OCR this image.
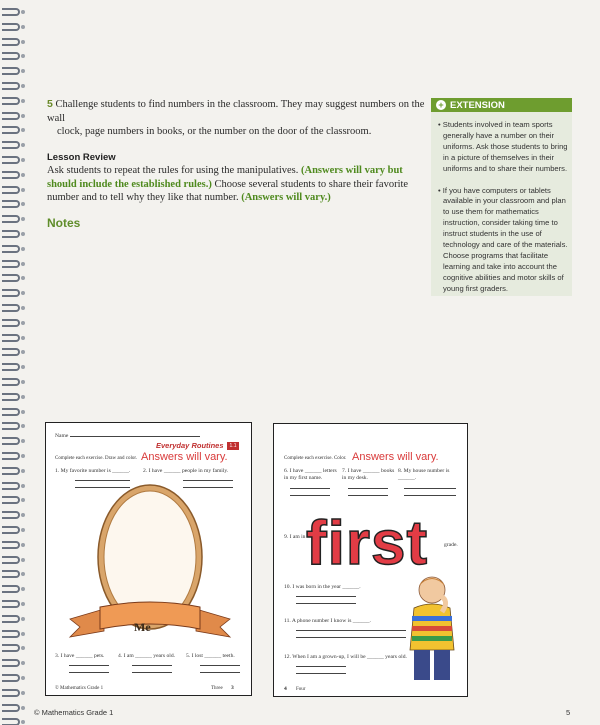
5 Challenge students to find numbers in the classroom. They may suggest numbers on the wall
clock, page numbers in books, or the number on the door of the classroom.

Lesson Review

Ask students to repeat the rules for using the manipulatives. (Answers will vary but should include the established rules.) Choose several students to share their favorite number and to tell why they like that number. (Answers will vary.)

Notes
+ EXTENSION
• Students involved in team sports generally have a number on their uniforms. Ask those students to bring in a picture of themselves in their uniforms and to share their numbers.
• If you have computers or tablets available in your classroom and plan to use them for mathematics instruction, consider taking time to instruct students in the use of technology and care of the materials. Choose programs that facilitate learning and take into account the cognitive abilities and motor skills of young first graders.
Name
Everyday Routines	1.1
Complete each exercise. Draw and color. Answers will vary.
1. My favorite number is ______.	2. I have ______ people in my family.
Me
3. I have ______ pets.	4. I am ______ years old.	5. I lost ______ teeth.
© Mathematics Grade 1	Three 3
Complete each exercise. Color. Answers will vary.
6. I have ______ letters in my first name.
7. I have ______ books in my desk.
8. My house number is ______.
9. I am in first	grade.
10. I was born in the year ______.
11. A phone number I know is ______.
12. When I am a grown-up, I will be ______ years old.
4 Four
© Mathematics Grade 1	5
